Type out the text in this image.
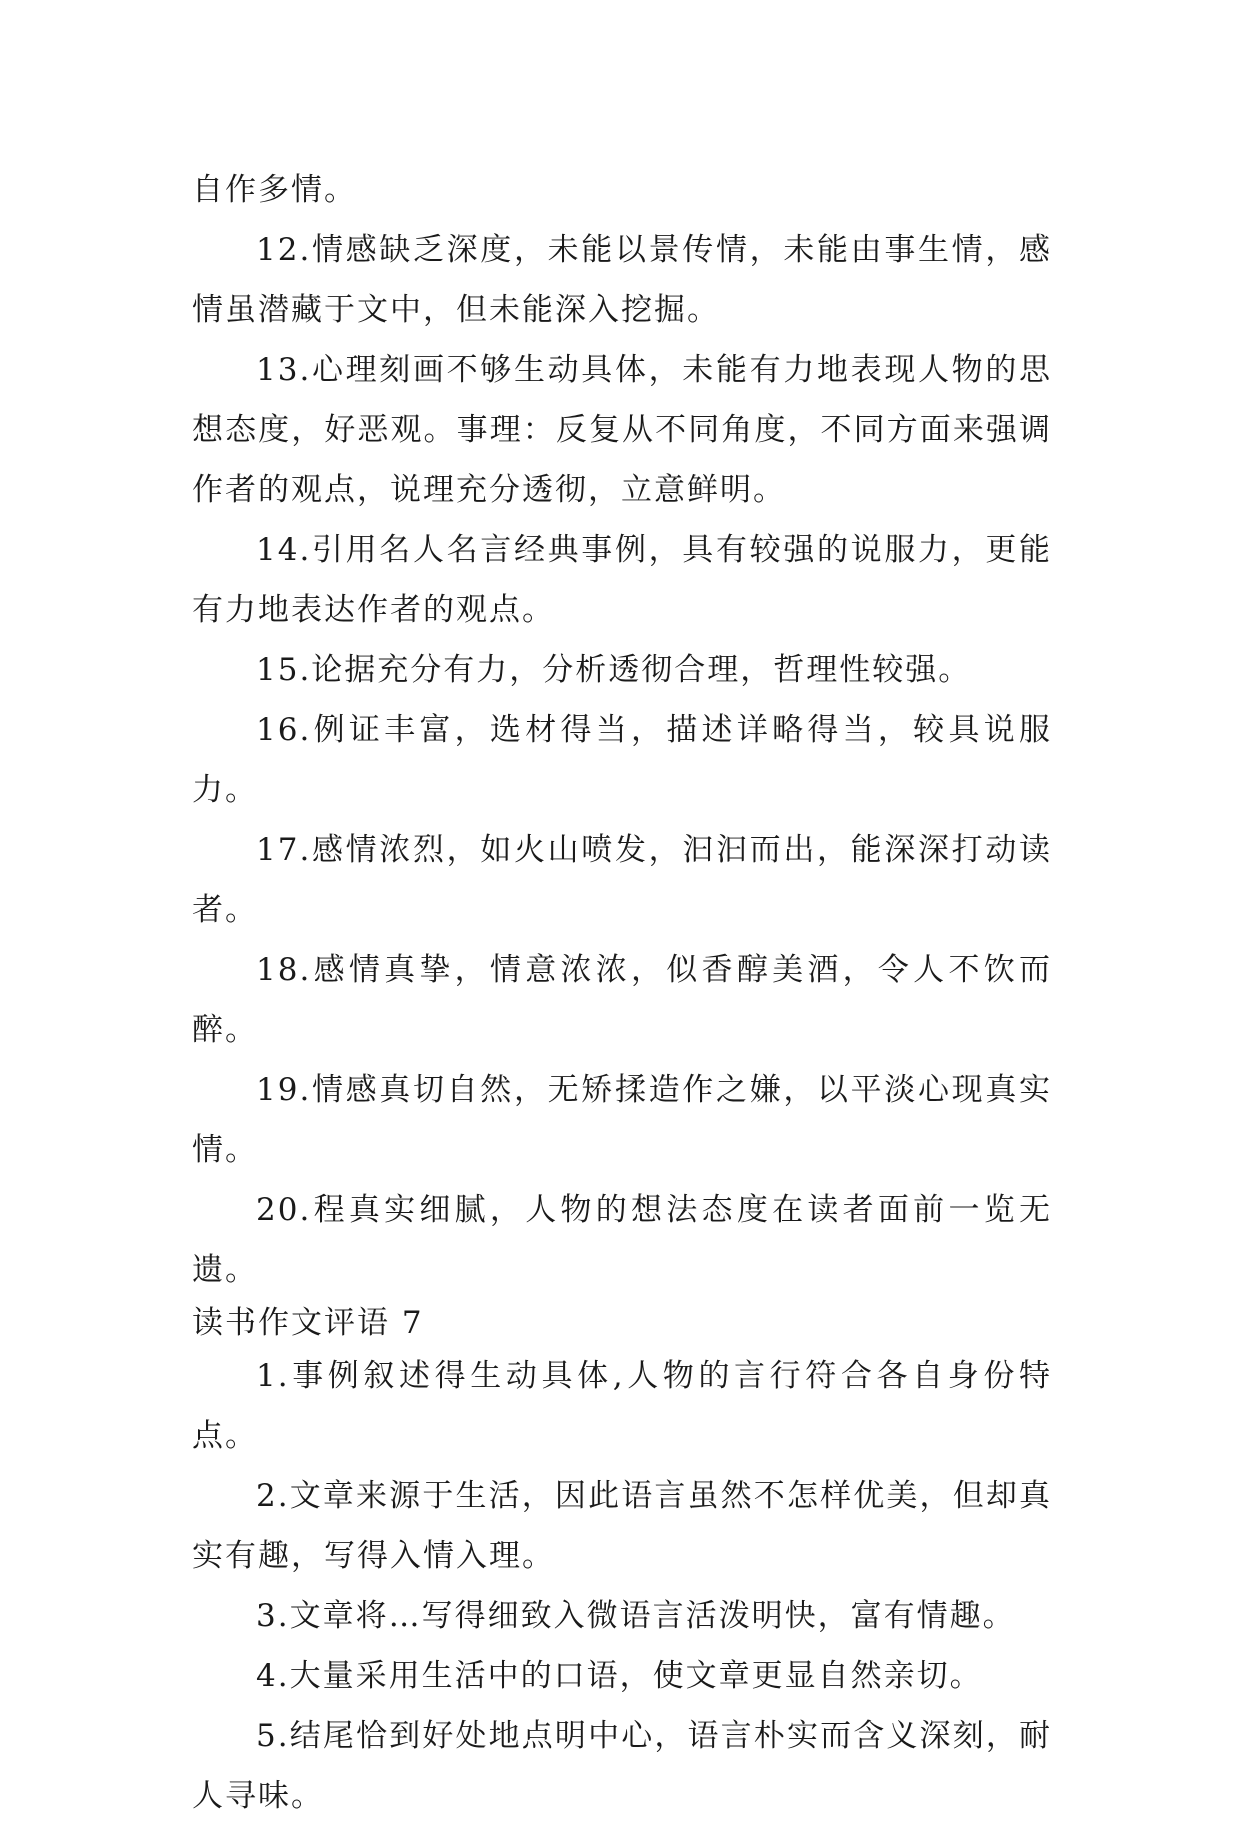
自作多情。

12.情感缺乏深度，未能以景传情，未能由事生情，感情虽潜藏于文中，但未能深入挖掘。

13.心理刻画不够生动具体，未能有力地表现人物的思想态度，好恶观。事理：反复从不同角度，不同方面来强调作者的观点，说理充分透彻，立意鲜明。

14.引用名人名言经典事例，具有较强的说服力，更能有力地表达作者的观点。

15.论据充分有力，分析透彻合理，哲理性较强。

16.例证丰富，选材得当，描述详略得当，较具说服力。

17.感情浓烈，如火山喷发，汩汩而出，能深深打动读者。

18.感情真挚，情意浓浓，似香醇美酒，令人不饮而醉。

19.情感真切自然，无矫揉造作之嫌，以平淡心现真实情。

20.程真实细腻，人物的想法态度在读者面前一览无遗。

读书作文评语 7

1.事例叙述得生动具体,人物的言行符合各自身份特点。

2.文章来源于生活，因此语言虽然不怎样优美，但却真实有趣，写得入情入理。

3.文章将…写得细致入微语言活泼明快，富有情趣。

4.大量采用生活中的口语，使文章更显自然亲切。

5.结尾恰到好处地点明中心，语言朴实而含义深刻，耐人寻味。
